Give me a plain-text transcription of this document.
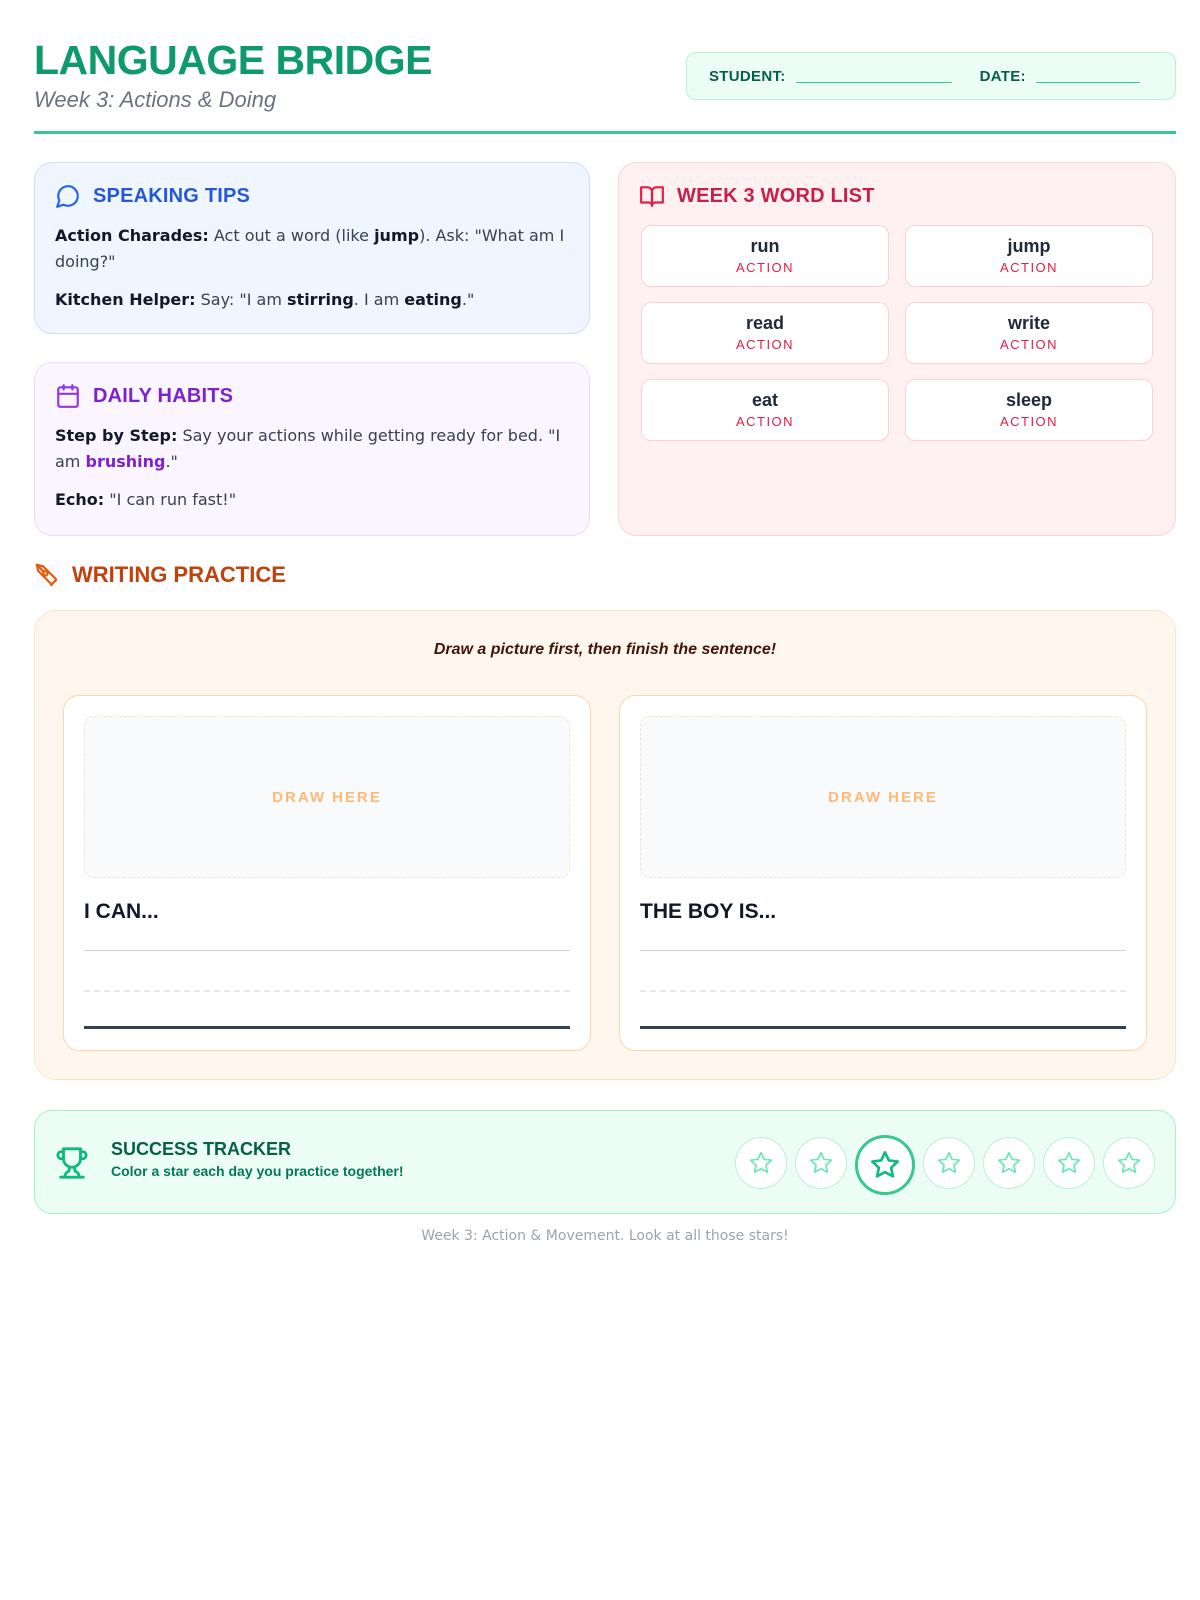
LANGUAGE BRIDGE
Week 3: Actions & Doing
STUDENT:	DATE:
SPEAKING TIPS

Action Charades: Act out a word (like jump). Ask: "What am I doing?"

Kitchen Helper: Say: "I am stirring. I am eating."

DAILY HABITS

Step by Step: Say your actions while getting ready for bed. "I am brushing."

Echo: "I can run fast!"

WEEK 3 WORD LIST
run
ACTION
jump
ACTION
read
ACTION
write
ACTION
eat
ACTION
sleep
ACTION
WRITING PRACTICE
Draw a picture first, then finish the sentence!
DRAW HERE
I CAN...
DRAW HERE
THE BOY IS...
SUCCESS TRACKER
Color a star each day you practice together!
Week 3: Action & Movement. Look at all those stars!
